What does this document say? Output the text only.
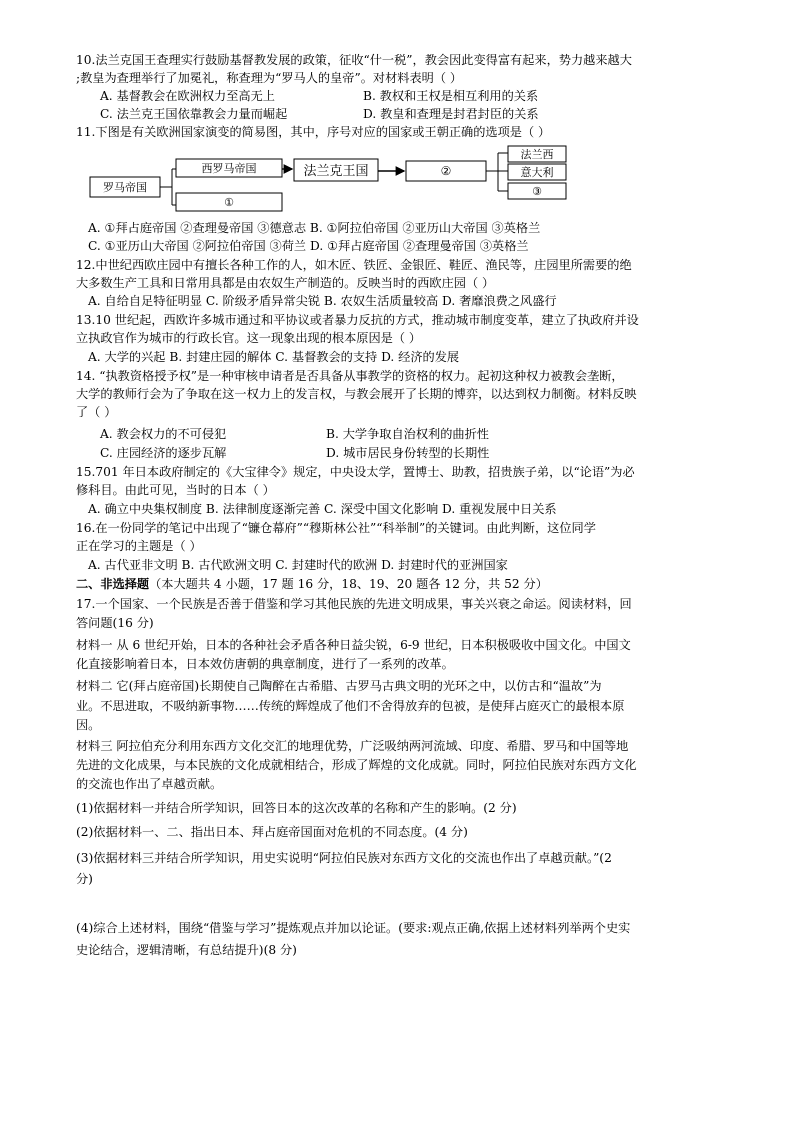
10.法兰克国王查理实行鼓励基督教发展的政策，征收“什一税”，教会因此变得富有起来，势力越来越大
;教皇为查理举行了加冕礼，称查理为“罗马人的皇帝”。对材料表明（ ）
A. 基督教会在欧洲权力至高无上	B. 教权和王权是相互利用的关系
C. 法兰克王国依靠教会力量而崛起	D. 教皇和查理是封君封臣的关系
11.下图是有关欧洲国家演变的简易图，其中，序号对应的国家或王朝正确的选项是（ ）
罗马帝国
西罗马帝国
①
法兰克王国	②
法兰西
意大利
③
A. ①拜占庭帝国 ②查理曼帝国 ③德意志 B. ①阿拉伯帝国 ②亚历山大帝国 ③英格兰
C. ①亚历山大帝国 ②阿拉伯帝国 ③荷兰 D. ①拜占庭帝国 ②查理曼帝国 ③英格兰
12.中世纪西欧庄园中有擅长各种工作的人，如木匠、铁匠、金银匠、鞋匠、渔民等，庄园里所需要的绝
大多数生产工具和日常用具都是由农奴生产制造的。反映当时的西欧庄园（ ）
A. 自给自足特征明显 C. 阶级矛盾异常尖锐 B. 农奴生活质量较高 D. 奢靡浪费之风盛行
13.10 世纪起，西欧许多城市通过和平协议或者暴力反抗的方式，推动城市制度变革，建立了执政府并设
立执政官作为城市的行政长官。这一现象出现的根本原因是（ ）
A. 大学的兴起 B. 封建庄园的解体 C. 基督教会的支持 D. 经济的发展
14. “执教资格授予权”是一种审核申请者是否具备从事教学的资格的权力。起初这种权力被教会垄断，
大学的教师行会为了争取在这一权力上的发言权，与教会展开了长期的博弈，以达到权力制衡。材料反映
了（ ）
A. 教会权力的不可侵犯	B. 大学争取自治权利的曲折性
C. 庄园经济的逐步瓦解	D. 城市居民身份转型的长期性
15.701 年日本政府制定的《大宝律令》规定，中央设太学，置博士、助教，招贵族子弟，以“论语”为必
修科目。由此可见，当时的日本（ ）
A. 确立中央集权制度 B. 法律制度逐渐完善 C. 深受中国文化影响 D. 重视发展中日关系
16.在一份同学的笔记中出现了“镰仓幕府”“穆斯林公社”“科举制”的关键词。由此判断，这位同学
正在学习的主题是（ ）
A. 古代亚非文明 B. 古代欧洲文明 C. 封建时代的欧洲 D. 封建时代的亚洲国家
二、非选择题（本大题共 4 小题，17 题 16 分，18、19、20 题各 12 分，共 52 分）
17.一个国家、一个民族是否善于借鉴和学习其他民族的先进文明成果，事关兴衰之命运。阅读材料，回
答问题(16 分)
材料一 从 6 世纪开始，日本的各种社会矛盾各种日益尖锐，6-9 世纪，日本积极吸收中国文化。中国文
化直接影响着日本，日本效仿唐朝的典章制度，进行了一系列的改革。
材料二 它(拜占庭帝国)长期使自己陶醉在古希腊、古罗马古典文明的光环之中，以仿古和“温故”为
业。不思进取，不吸纳新事物……传统的辉煌成了他们不舍得放弃的包被，是使拜占庭灭亡的最根本原
因。
材料三 阿拉伯充分利用东西方文化交汇的地理优势，广泛吸纳两河流域、印度、希腊、罗马和中国等地
先进的文化成果，与本民族的文化成就相结合，形成了辉煌的文化成就。同时，阿拉伯民族对东西方文化
的交流也作出了卓越贡献。
(1)依据材料一并结合所学知识，回答日本的这次改革的名称和产生的影响。(2 分)
(2)依据材料一、二、指出日本、拜占庭帝国面对危机的不同态度。(4 分)
(3)依据材料三并结合所学知识，用史实说明“阿拉伯民族对东西方文化的交流也作出了卓越贡献。”(2
分)
(4)综合上述材料，围绕“借鉴与学习”提炼观点并加以论证。(要求:观点正确,依据上述材料列举两个史实
史论结合，逻辑清晰，有总结提升)(8 分)
